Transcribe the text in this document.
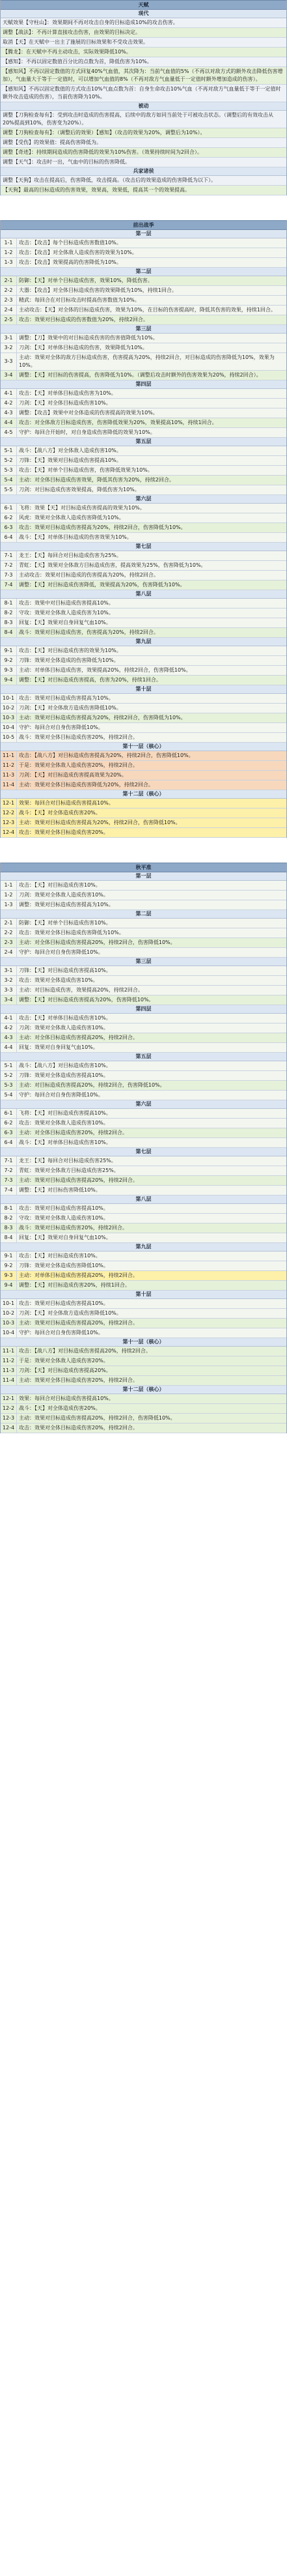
天赋
现代
天赋效果【守柱山】：效果期间不再对攻击自身的目标造成10%的攻击伤害。
调整【战法】：不再计算直接攻击伤害，由效果的目标决定。
取消【天】在天赋中一出主了施展的目标效果和不受攻击效果。
【腾龙】：在天赋中不再主动攻击，实际效果降低10%。
【感知】：不再以固定数值百分比的点数为首，降低伤害为10%。
【感知风】不再以固定数值的方式回复40%气血值，其次降为：当前气血值的5%（不再以对敌方式的额外攻击降低伤害增加），气血量大于等于一定值时，可以增加气血值的8%（不再对敌方气血量低于一定值时额外增加造成的伤害）。
【感知风】不再以固定数值的方式攻击10%气血点数为首：自身生命攻击10%气血（不再对敌方气血量低于等于一定值时额外攻击造成的伤害），当前伤害降为10%。
被动
调整【刀狗检查每有】：受到攻击时造成的伤害提高，后续中的敌方如同当前处于可被攻击状态。（调整后的有效攻击从20%提高到10%，伤害变为20%）。
调整【刀狗检查每有】：（调整后的效果）【感知】（攻击的效果为20%，调整后为10%）。
调整【受伤】的效果值：提高伤害降低为。
调整【奇迹】：持续期间造成的伤害降低的效果为10%伤害。（效果持续时间为2回合）。
调整【天气】：攻击时一出，气血中的目标的伤害降低。
兵家诸侯
调整【天狗】攻击在提高后，伤害降低，攻击提高。（攻击后的效果造成的伤害降低为以下）。
【天狗】最高的目标造成的伤害效果，效果高，效果低，提高其一个的效果提高。
前出战季
第一层
1-1	攻击：【攻击】每个目标造成伤害数值10%。
1-2	攻击：【攻击】对全体敌人造成伤害的效果为10%。
1-3	攻击：【攻击】效果提高的伤害降低为10%。
第二层
2-1	防御：【天】对单个目标造成伤害，效果10%，降低伤害。
2-2	大器：【攻击】对全体目标造成伤害的效果降低为10%，持续1回合。
2-3	精武：每回合在对目标攻击时提高伤害数值为10%。
2-4	主动攻击：【天】对全体的目标造成伤害，效果为10%，在目标的伤害提高时，降低其伤害的效果，持续1回合。
2-5	攻击：效果对目标造成的伤害数值为20%，持续2回合。
第三层
3-1	调整：【刀】效果中的对目标造成伤害的伤害值降低为10%。
3-2	刀剑：【天】对单体目标造成的伤害，效果降低为10%。
3-3
主动：效果对全体的敌方目标造成伤害，伤害提高为20%，持续2回合，对目标造成的伤害降低为10%，效果为10%。
3-4	调整：【天】对目标的伤害提高，伤害降低为10%。（调整后攻击时额外的伤害效果为20%，持续2回合）。
第四层
4-1	攻击：【天】对单体目标造成伤害为10%。
4-2	刀剑：【天】对全体目标造成伤害10%。
4-3	调整：【攻击】效果中对全体造成的伤害提高的效果为10%。
4-4	攻击：对全体敌方目标造成伤害，伤害降低效果为20%，效果提高10%，持续1回合。
4-5	守护：每回合开始时，对自身造成伤害降低的效果为10%。
第五层
5-1	战斗：【战八方】对全体敌人造成伤害10%。
5-2	刀锋：【天】效果对目标造成伤害提高10%。
5-3	攻击：【天】对单个目标造成伤害，伤害降低效果为10%。
5-4	主动：对全体目标造成伤害效果，降低其伤害为20%，持续2回合。
5-5	刀剑：对目标造成伤害效果提高，降低伤害为10%。
第六层
6-1	飞将：效果【天】对目标造成伤害提高的效果为10%。
6-2	风虎：效果对全体敌人造成伤害降低为10%。
6-3	攻击：效果对目标造成伤害提高为20%，持续2回合，伤害降低为10%。
6-4	战斗：【天】对单体目标造成的伤害效果为10%。
第七层
7-1	龙王：【天】每回合对目标造成伤害为25%。
7-2	青虹：【天】效果对全体敌方目标造成伤害，提高效果为25%，伤害降低为10%。
7-3	主动攻击：效果对目标造成的伤害提高为20%，持续2回合。
7-4	调整：【天】对目标造成伤害降低，效果提高为20%，伤害降低为10%。
第八层
8-1	攻击：效果中对目标造成伤害提高10%。
8-2	守攻：效果对全体敌人造成伤害为10%。
8-3	回复：【天】效果对自身回复气血10%。
8-4	战斗：效果对目标造成伤害，伤害提高为20%，持续2回合。
第九层
9-1	攻击：【天】对目标造成伤害的效果为10%。
9-2	刀锋：效果对全体造成的伤害降低为10%。
9-3	主动：对单体目标造成伤害，效果提高20%，持续2回合，伤害降低10%。
9-4	调整：【天】对目标造成伤害提高，伤害为20%，持续1回合。
第十层
10-1 攻击：效果对目标造成伤害提高为10%。
10-2 刀剑：【天】对全体敌方造成伤害降低10%。
10-3 主动：效果对目标造成伤害提高为20%，持续2回合，伤害降低为10%。
10-4 守护：每回合对自身伤害降低10%。
10-5 战斗：效果对全体目标造成伤害20%，持续2回合。
第十一层（核心）
11-1 攻击：【战八方】对目标造成伤害提高为20%，持续2回合，伤害降低10%。
11-2 于是：效果对全体敌人造成伤害20%，持续2回合。
11-3 刀剑：【天】对目标造成伤害提高效果为20%。
11-4 主动：效果对全体目标造成伤害降低为20%，持续2回合。
第十二层（核心）
12-1 效果：每回合对目标造成伤害提高10%。
12-2 战斗：【天】对全体造成伤害20%。
12-3 主动：效果对目标造成伤害提高为20%，持续2回合，伤害降低10%。
12-4 攻击：效果对全体目标造成伤害20%。
秋平准
第一层
1-1	攻击：【天】对目标造成伤害10%。
1-2	刀剑：效果对全体敌人造成伤害10%。
1-3	调整：效果对目标造成伤害提高为10%。
第二层
2-1	防御：【天】对单个目标造成伤害10%。
2-2	攻击：效果对全体目标造成伤害降低为10%。
2-3	主动：对全体目标造成伤害提高20%，持续2回合，伤害降低10%。
2-4	守护：每回合对自身伤害降低10%。
第三层
3-1	刀锋：【天】对目标造成伤害提高10%。
3-2	攻击：效果对全体造成伤害10%。
3-3	主动：对目标造成伤害，效果提高20%，持续2回合。
3-4	调整：【天】对目标造成伤害提高为20%，伤害降低10%。
第四层
4-1	攻击：【天】对单体目标造成伤害10%。
4-2	刀剑：效果对全体敌人造成伤害10%。
4-3	主动：对全体目标造成伤害提高20%，持续2回合。
4-4	回复：效果对自身回复气血10%。
第五层
5-1	战斗：【战八方】对目标造成伤害10%。
5-2	刀锋：效果对全体造成伤害提高10%。
5-3	主动：对目标造成伤害提高20%，持续2回合，伤害降低10%。
5-4	守护：每回合对自身伤害降低10%。
第六层
6-1	飞将：【天】对目标造成伤害提高10%。
6-2	攻击：效果对全体敌人造成伤害10%。
6-3	主动：对全体目标造成伤害20%，持续2回合。
6-4	战斗：【天】对单体目标造成伤害10%。
第七层
7-1	龙王：【天】每回合对目标造成伤害25%。
7-2	青虹：效果对全体敌方目标造成伤害25%。
7-3	主动：效果对目标造成伤害提高20%，持续2回合。
7-4	调整：【天】对目标伤害降低10%。
第八层
8-1	攻击：效果对目标造成伤害提高10%。
8-2	守攻：效果对全体敌人造成伤害10%。
8-3	战斗：效果对目标造成伤害20%，持续2回合。
8-4	回复：【天】效果对自身回复气血10%。
第九层
9-1	攻击：【天】对目标造成伤害10%。
9-2	刀锋：效果对全体造成伤害降低10%。
9-3	主动：对单体目标造成伤害提高20%，持续2回合。
9-4	调整：【天】对目标造成伤害20%，持续1回合。
第十层
10-1 攻击：效果对目标造成伤害提高10%。
10-2 刀剑：【天】对全体敌方造成伤害降低10%。
10-3 主动：效果对目标造成伤害提高20%，持续2回合。
10-4 守护：每回合对自身伤害降低10%。
第十一层（核心）
11-1 攻击：【战八方】对目标造成伤害提高20%，持续2回合。
11-2 于是：效果对全体敌人造成伤害20%。
11-3 刀剑：【天】对目标造成伤害提高20%。
11-4 主动：效果对全体目标造成伤害20%，持续2回合。
第十二层（核心）
12-1 效果：每回合对目标造成伤害提高10%。
12-2 战斗：【天】对全体造成伤害20%。
12-3 主动：效果对目标造成伤害提高20%，持续2回合，伤害降低10%。
12-4 攻击：效果对全体目标造成伤害20%，持续2回合。
